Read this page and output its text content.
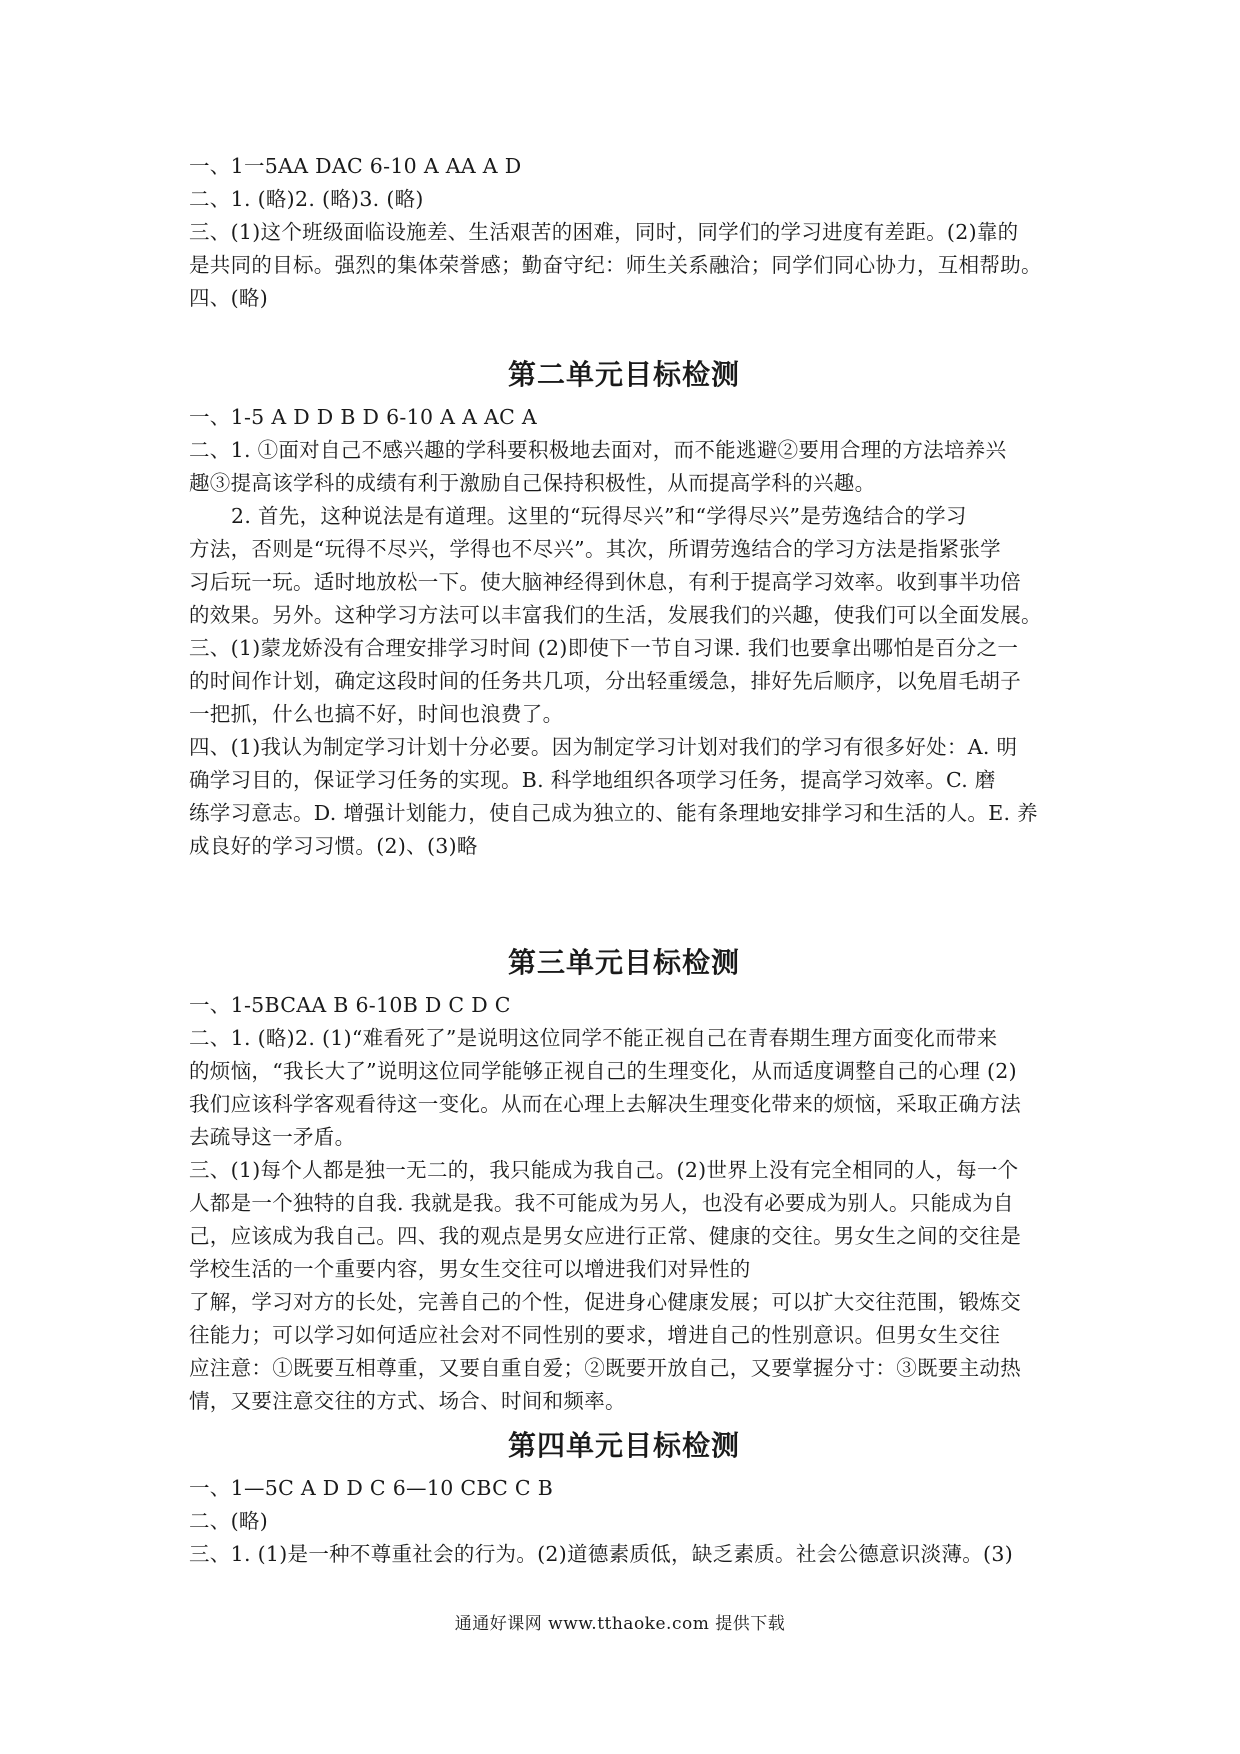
一、1一5AA DAC 6-10 A AA A D

二、1. (略)2. (略)3. (略)

三、(1)这个班级面临设施差、生活艰苦的困难，同时，同学们的学习进度有差距。(2)靠的

是共同的目标。强烈的集体荣誉感；勤奋守纪：师生关系融洽；同学们同心协力，互相帮助。

四、(略)

第二单元目标检测

一、1-5 A D D B D 6-10 A A AC A

二、1. ①面对自己不感兴趣的学科要积极地去面对，而不能逃避②要用合理的方法培养兴

趣③提高该学科的成绩有利于激励自己保持积极性，从而提高学科的兴趣。

2. 首先，这种说法是有道理。这里的“玩得尽兴”和“学得尽兴”是劳逸结合的学习

方法，否则是“玩得不尽兴，学得也不尽兴”。其次，所谓劳逸结合的学习方法是指紧张学

习后玩一玩。适时地放松一下。使大脑神经得到休息，有利于提高学习效率。收到事半功倍

的效果。另外。这种学习方法可以丰富我们的生活，发展我们的兴趣，使我们可以全面发展。

三、(1)蒙龙娇没有合理安排学习时间 (2)即使下一节自习课. 我们也要拿出哪怕是百分之一

的时间作计划，确定这段时间的任务共几项，分出轻重缓急，排好先后顺序，以免眉毛胡子

一把抓，什么也搞不好，时间也浪费了。

四、(1)我认为制定学习计划十分必要。因为制定学习计划对我们的学习有很多好处：A. 明

确学习目的，保证学习任务的实现。B. 科学地组织各项学习任务，提高学习效率。C. 磨

练学习意志。D. 增强计划能力，使自己成为独立的、能有条理地安排学习和生活的人。E. 养

成良好的学习习惯。(2)、(3)略

第三单元目标检测

一、1-5BCAA B 6-10B D C D C

二、1. (略)2. (1)“难看死了”是说明这位同学不能正视自己在青春期生理方面变化而带来

的烦恼，“我长大了”说明这位同学能够正视自己的生理变化，从而适度调整自己的心理 (2)

我们应该科学客观看待这一变化。从而在心理上去解决生理变化带来的烦恼，采取正确方法

去疏导这一矛盾。

三、(1)每个人都是独一无二的，我只能成为我自己。(2)世界上没有完全相同的人，每一个

人都是一个独特的自我. 我就是我。我不可能成为另人，也没有必要成为别人。只能成为自

己，应该成为我自己。四、我的观点是男女应进行正常、健康的交往。男女生之间的交往是

学校生活的一个重要内容，男女生交往可以增进我们对异性的

了解，学习对方的长处，完善自己的个性，促进身心健康发展；可以扩大交往范围，锻炼交

往能力；可以学习如何适应社会对不同性别的要求，增进自己的性别意识。但男女生交往

应注意：①既要互相尊重，又要自重自爱；②既要开放自己，又要掌握分寸：③既要主动热

情，又要注意交往的方式、场合、时间和频率。

第四单元目标检测

一、1—5C A D D C 6—10 CBC C B

二、(略)

三、1. (1)是一种不尊重社会的行为。(2)道德素质低，缺乏素质。社会公德意识淡薄。(3)

通通好课网 www.tthaoke.com 提供下载
